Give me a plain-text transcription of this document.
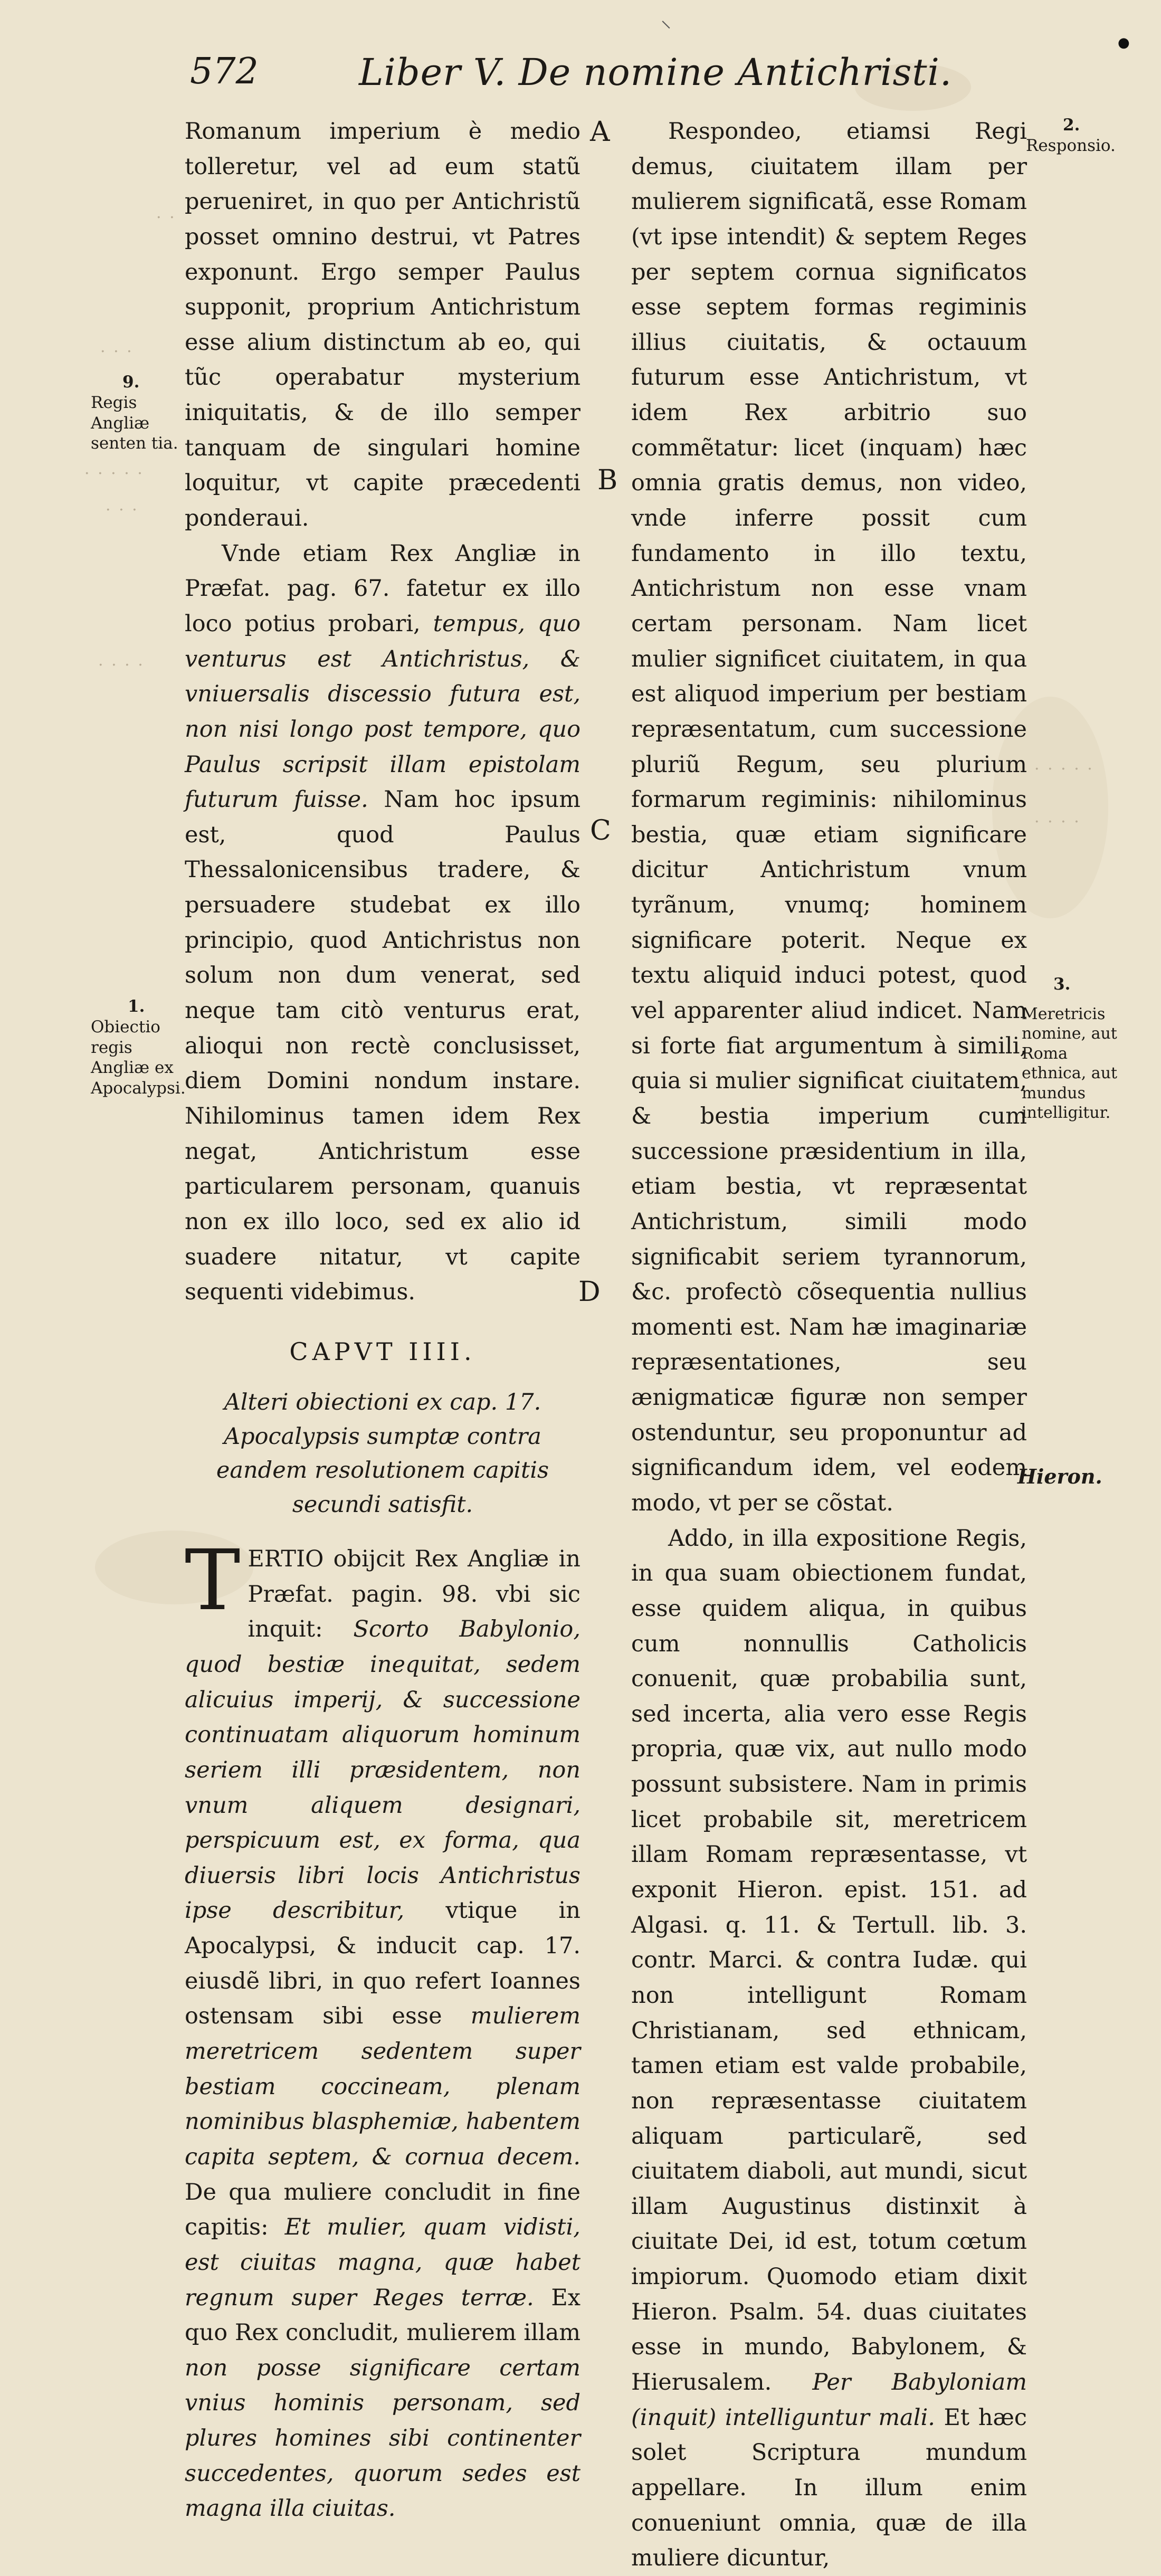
⸜
●
572	Liber V. De nomine Antichristi.
. .
. . .
9.
Regis Angliæ senten tia.
· · · · ·
. . .
. . . .
1.
Obiectio regis Angliæ ex Apocalypsi.
A
B
C
D

Romanum imperium è medio tolleretur, vel ad eum statũ perueniret, in quo per Antichristũ posset omnino destrui, vt Patres exponunt. Ergo semper Paulus supponit, proprium Antichristum esse alium distinctum ab eo, qui tũc operabatur mysterium iniquitatis, & de illo semper tanquam de singulari homine loquitur, vt capite præcedenti ponderaui.

Vnde etiam Rex Angliæ in Præfat. pag. 67. fatetur ex illo loco potius probari, tempus, quo venturus est Antichristus, & vniuersalis discessio futura est, non nisi longo post tempore, quo Paulus scripsit illam epistolam futurum fuisse. Nam hoc ipsum est, quod Paulus Thessalonicensibus tradere, & persuadere studebat ex illo principio, quod Antichristus non solum non dum venerat, sed neque tam citò venturus erat, alioqui non rectè conclusisset, diem Domini nondum instare. Nihilominus tamen idem Rex negat, Antichristum esse particularem personam, quanuis non ex illo loco, sed ex alio id suadere nitatur, vt capite sequenti videbimus.

CAPVT IIII.

Alteri obiectioni ex cap. 17. Apocalypsis sumptæ contra eandem resolutionem capitis secundi satisfit.

TERTIO obijcit Rex Angliæ in Præfat. pagin. 98. vbi sic inquit: Scorto Babylonio, quod bestiæ inequitat, sedem alicuius imperij, & successione continuatam aliquorum hominum seriem illi præsidentem, non vnum aliquem designari, perspicuum est, ex forma, qua diuersis libri locis Antichristus ipse describitur, vtique in Apocalypsi, & inducit cap. 17. eiusdẽ libri, in quo refert Ioannes ostensam sibi esse mulierem meretricem sedentem super bestiam coccineam, plenam nominibus blasphemiæ, habentem capita septem, & cornua decem. De qua muliere concludit in fine capitis: Et mulier, quam vidisti, est ciuitas magna, quæ habet regnum super Reges terræ. Ex quo Rex concludit, mulierem illam non posse significare certam vnius hominis personam, sed plures homines sibi continenter succedentes, quorum sedes est magna illa ciuitas.

Respondeo, etiamsi Regi demus, ciuitatem illam per mulierem significatã, esse Romam (vt ipse intendit) & septem Reges per septem cornua significatos esse septem formas regiminis illius ciuitatis, & octauum futurum esse Antichristum, vt idem Rex arbitrio suo commẽtatur: licet (inquam) hæc omnia gratis demus, non video, vnde inferre possit cum fundamento in illo textu, Antichristum non esse vnam certam personam. Nam licet mulier significet ciuitatem, in qua est aliquod imperium per bestiam repræsentatum, cum successione pluriũ Regum, seu plurium formarum regiminis: nihilominus bestia, quæ etiam significare dicitur Antichristum vnum tyrãnum, vnumq; hominem significare poterit. Neque ex textu aliquid induci potest, quod vel apparenter aliud indicet. Nam si forte fiat argumentum à simili, quia si mulier significat ciuitatem, & bestia imperium cum successione præsidentium in illa, etiam bestia, vt repræsentat Antichristum, simili modo significabit seriem tyrannorum, &c. profectò cõsequentia nullius momenti est. Nam hæ imaginariæ repræsentationes, seu ænigmaticæ figuræ non semper ostenduntur, seu proponuntur ad significandum idem, vel eodem modo, vt per se cõstat.

Addo, in illa expositione Regis, in qua suam obiectionem fundat, esse quidem aliqua, in quibus cum nonnullis Catholicis conuenit, quæ probabilia sunt, sed incerta, alia vero esse Regis propria, quæ vix, aut nullo modo possunt subsistere. Nam in primis licet probabile sit, meretricem illam Romam repræsentasse, vt exponit Hieron. epist. 151. ad Algasi. q. 11. & Tertull. lib. 3. contr. Marci. & contra Iudæ. qui non intelligunt Romam Christianam, sed ethnicam, tamen etiam est valde probabile, non repræsentasse ciuitatem aliquam particularẽ, sed ciuitatem diaboli, aut mundi, sicut illam Augustinus distinxit à ciuitate Dei, id est, totum cœtum impiorum. Quomodo etiam dixit Hieron. Psalm. 54. duas ciuitates esse in mundo, Babylonem, & Hierusalem. Per Babyloniam (inquit) intelliguntur mali. Et hæc solet Scriptura mundum appellare. In illum enim conueniunt omnia, quæ de illa muliere dicuntur,

2.
Responsio.
· · · · ·
· · · ·
3.
Meretricis nomine, aut Roma ethnica, aut mundus intelligitur.
Hieron.
